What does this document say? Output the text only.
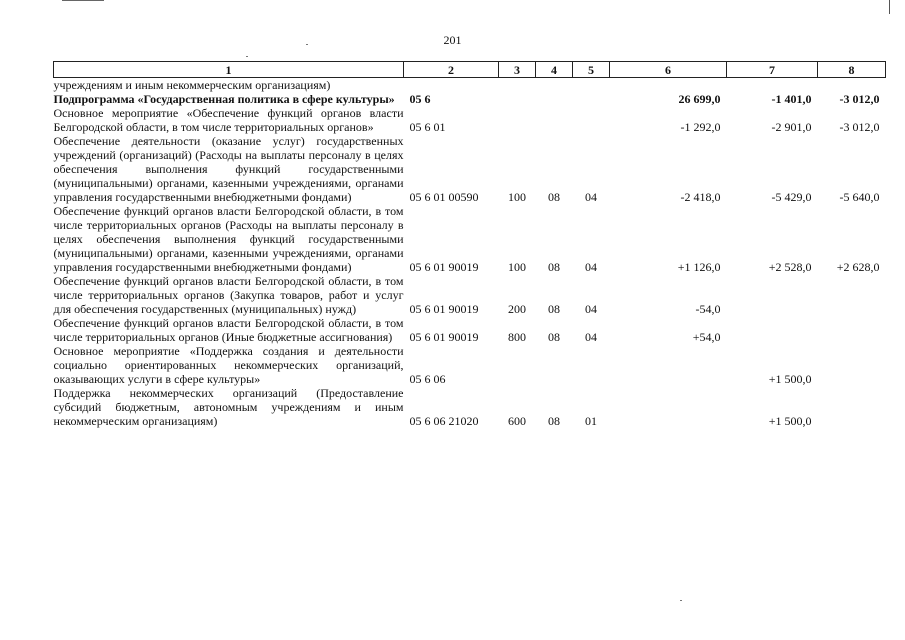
201
1	2	3	4	5	6	7	8
учреждениям и иным некоммерческим организациям)							
Подпрограмма «Государственная политика в сфере культуры»	05 6				26 699,0	-1 401,0	-3 012,0
Основное мероприятие «Обеспечение функций органов власти Белгородской области, в том числе территориальных органов»	05 6 01				-1 292,0	-2 901,0	-3 012,0
Обеспечение деятельности (оказание услуг) государственных учреждений (организаций) (Расходы на выплаты персоналу в целях обеспечения выполнения функций государственными (муниципальными) органами, казенными учреждениями, органами управления государственными внебюджетными фондами)	05 6 01 00590	100	08	04	-2 418,0	-5 429,0	-5 640,0
Обеспечение функций органов власти Белгородской области, в том числе территориальных органов (Расходы на выплаты персоналу в целях обеспечения выполнения функций государственными (муниципальными) органами, казенными учреждениями, органами управления государственными внебюджетными фондами)	05 6 01 90019	100	08	04	+1 126,0	+2 528,0	+2 628,0
Обеспечение функций органов власти Белгородской области, в том числе территориальных органов (Закупка товаров, работ и услуг для обеспечения государственных (муниципальных) нужд)	05 6 01 90019	200	08	04	-54,0		
Обеспечение функций органов власти Белгородской области, в том числе территориальных органов (Иные бюджетные ассигнования)	05 6 01 90019	800	08	04	+54,0		
Основное мероприятие «Поддержка создания и деятельности социально ориентированных некоммерческих организаций, оказывающих услуги в сфере культуры»	05 6 06					+1 500,0	
Поддержка некоммерческих организаций (Предоставление субсидий бюджетным, автономным учреждениям и иным некоммерческим организациям)	05 6 06 21020	600	08	01		+1 500,0	
